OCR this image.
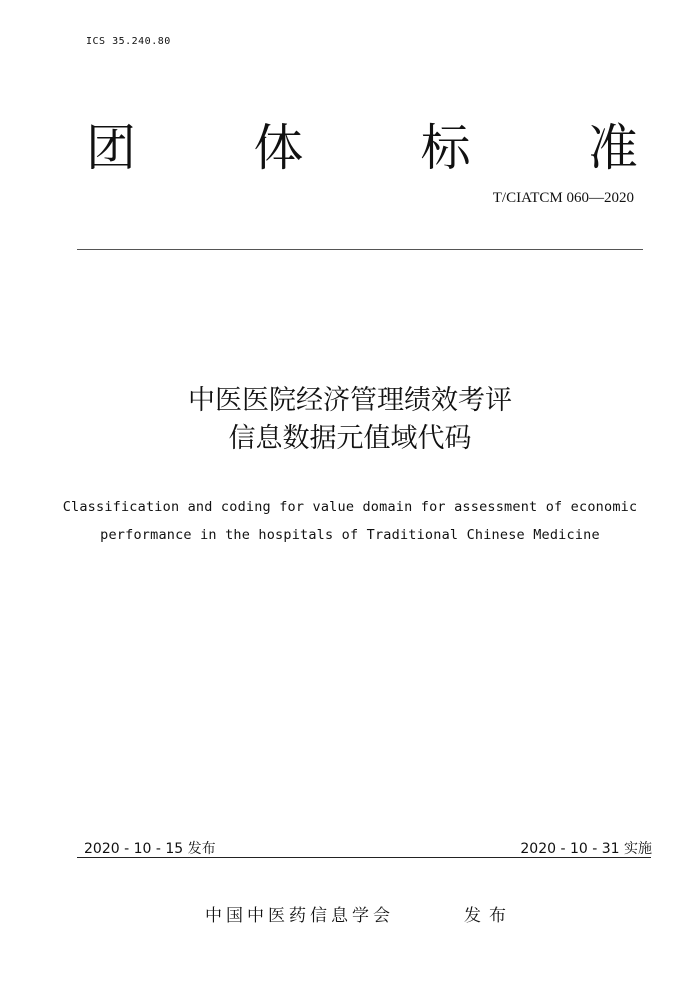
ICS 35.240.80
团 体 标 准
T/CIATCM 060—2020
中医医院经济管理绩效考评
信息数据元值域代码
Classification and coding for value domain for assessment of economic
performance in the hospitals of Traditional Chinese Medicine
2020 - 10 - 15 发布	2020 - 10 - 31 实施
中国中医药信息学会	发布
